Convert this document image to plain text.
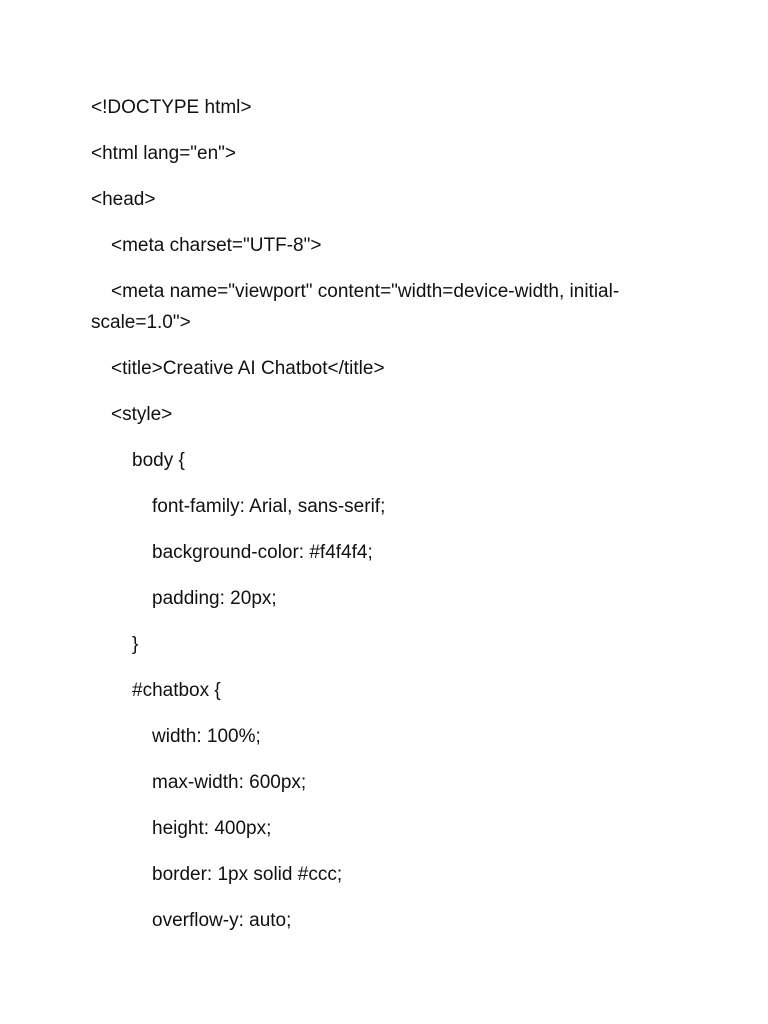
<!DOCTYPE html>
<html lang="en">
<head>
<meta charset="UTF-8">
<meta name="viewport" content="width=device-width, initial-scale=1.0">
<title>Creative AI Chatbot</title>
<style>
body {
font-family: Arial, sans-serif;
background-color: #f4f4f4;
padding: 20px;
}
#chatbox {
width: 100%;
max-width: 600px;
height: 400px;
border: 1px solid #ccc;
overflow-y: auto;
